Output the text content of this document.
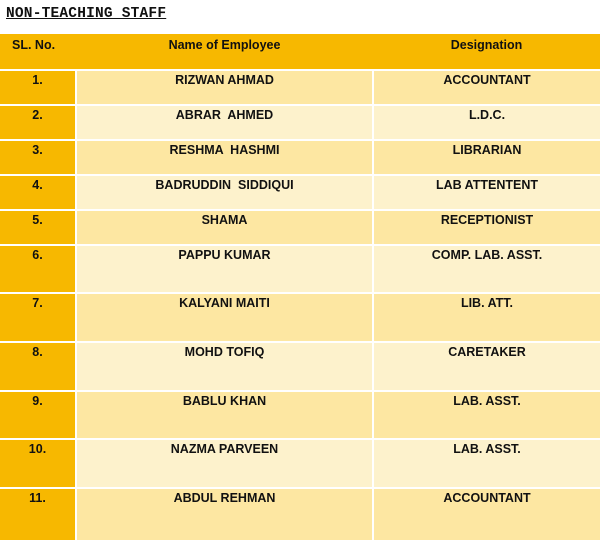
NON-TEACHING STAFF
SL. No.	Name of Employee	Designation
1.	RIZWAN AHMAD	ACCOUNTANT
2.	ABRAR  AHMED	L.D.C.
3.	RESHMA  HASHMI	LIBRARIAN
4.	BADRUDDIN  SIDDIQUI	LAB ATTENTENT
5.	SHAMA	RECEPTIONIST
6.	PAPPU KUMAR	COMP. LAB. ASST.
7.	KALYANI MAITI	LIB. ATT.
8.	MOHD TOFIQ	CARETAKER
9.	BABLU KHAN	LAB. ASST.
10.	NAZMA PARVEEN	LAB. ASST.
11.	ABDUL REHMAN	ACCOUNTANT
